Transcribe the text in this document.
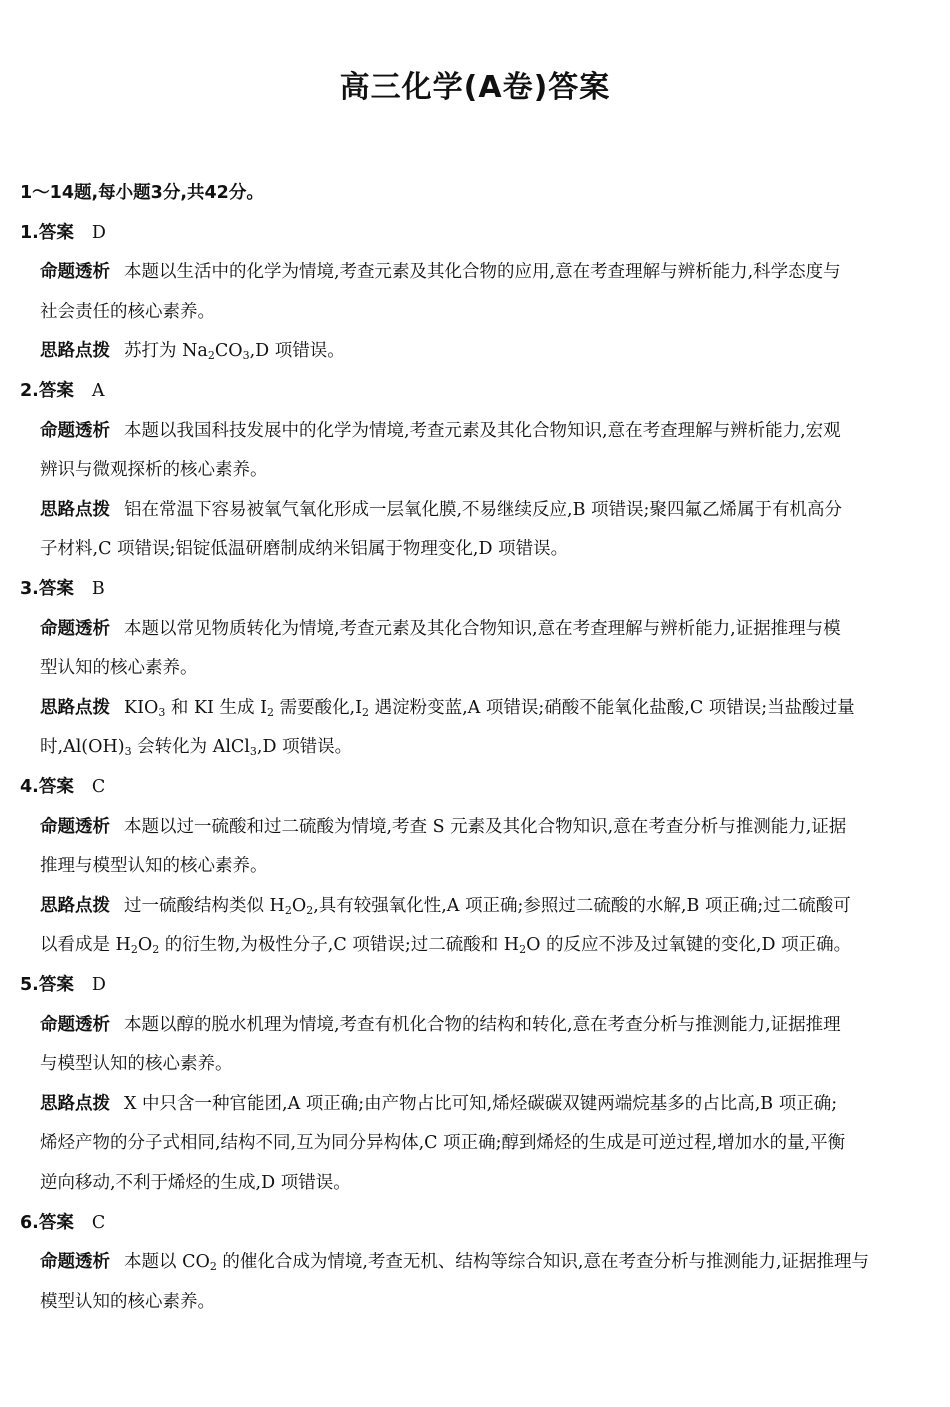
高三化学(A卷)答案
1～14题,每小题3分,共42分。
1.答案 D
命题透析 本题以生活中的化学为情境,考查元素及其化合物的应用,意在考查理解与辨析能力,科学态度与
社会责任的核心素养。
思路点拨 苏打为 $Na_2CO_3,D$ 项错误。
2.答案 A
命题透析 本题以我国科技发展中的化学为情境,考查元素及其化合物知识,意在考查理解与辨析能力,宏观
辨识与微观探析的核心素养。
思路点拨 铝在常温下容易被氧气氧化形成一层氧化膜,不易继续反应,B 项错误;聚四氟乙烯属于有机高分
子材料,C 项错误;铝锭低温研磨制成纳米铝属于物理变化,D 项错误。
3.答案 B
命题透析 本题以常见物质转化为情境,考查元素及其化合物知识,意在考查理解与辨析能力,证据推理与模
型认知的核心素养。
思路点拨 $KIO_3$ 和 KI 生成 $I_2$ 需要酸化$,I_2$ 遇淀粉变蓝,A 项错误;硝酸不能氧化盐酸,C 项错误;当盐酸过量
时$,Al(OH)_3$ 会转化为 AlCl$_3$,D 项错误。
4.答案 C
命题透析 本题以过一硫酸和过二硫酸为情境,考查 S 元素及其化合物知识,意在考查分析与推测能力,证据
推理与模型认知的核心素养。
思路点拨 过一硫酸结构类似 $H_2O_2$,具有较强氧化性,A 项正确;参照过二硫酸的水解,B 项正确;过二硫酸可
以看成是 $H_2O_2$ 的衍生物,为极性分子,C 项错误;过二硫酸和 $H_2O$ 的反应不涉及过氧键的变化,D 项正确。
5.答案 D
命题透析 本题以醇的脱水机理为情境,考查有机化合物的结构和转化,意在考查分析与推测能力,证据推理
与模型认知的核心素养。
思路点拨 X 中只含一种官能团,A 项正确;由产物占比可知,烯烃碳碳双键两端烷基多的占比高,B 项正确;
烯烃产物的分子式相同,结构不同,互为同分异构体,C 项正确;醇到烯烃的生成是可逆过程,增加水的量,平衡
逆向移动,不利于烯烃的生成,D 项错误。
6.答案 C
命题透析 本题以 $CO_2$ 的催化合成为情境,考查无机、结构等综合知识,意在考查分析与推测能力,证据推理与
模型认知的核心素养。
